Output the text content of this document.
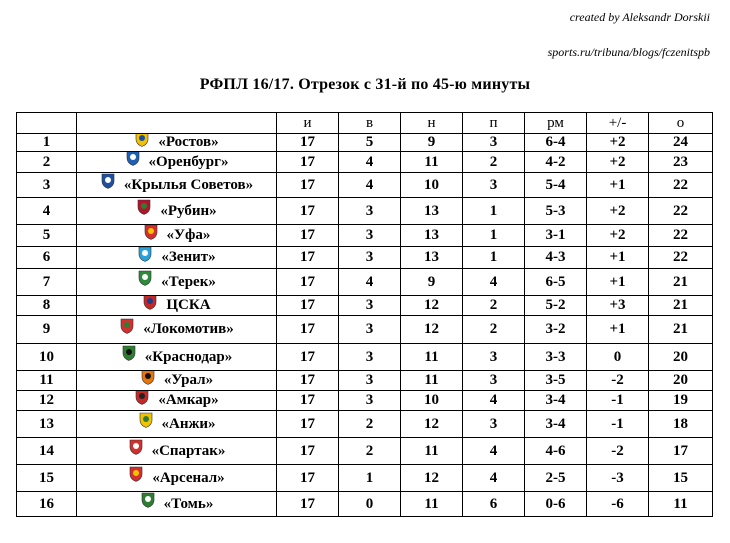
created by Aleksandr Dorskii
sports.ru/tribuna/blogs/fczenitspb
РФПЛ 16/17. Отрезок с 31-й по 45-ю минуты
		и	в	н	п	рм	+/-	о
1	«Ростов»	17	5	9	3	6-4	+2	24
2	«Оренбург»	17	4	11	2	4-2	+2	23
3	«Крылья Советов»	17	4	10	3	5-4	+1	22
4	«Рубин»	17	3	13	1	5-3	+2	22
5	«Уфа»	17	3	13	1	3-1	+2	22
6	«Зенит»	17	3	13	1	4-3	+1	22
7	«Терек»	17	4	9	4	6-5	+1	21
8	ЦСКА	17	3	12	2	5-2	+3	21
9	«Локомотив»	17	3	12	2	3-2	+1	21
10	«Краснодар»	17	3	11	3	3-3	0	20
11	«Урал»	17	3	11	3	3-5	-2	20
12	«Амкар»	17	3	10	4	3-4	-1	19
13	«Анжи»	17	2	12	3	3-4	-1	18
14	«Спартак»	17	2	11	4	4-6	-2	17
15	«Арсенал»	17	1	12	4	2-5	-3	15
16	«Томь»	17	0	11	6	0-6	-6	11
